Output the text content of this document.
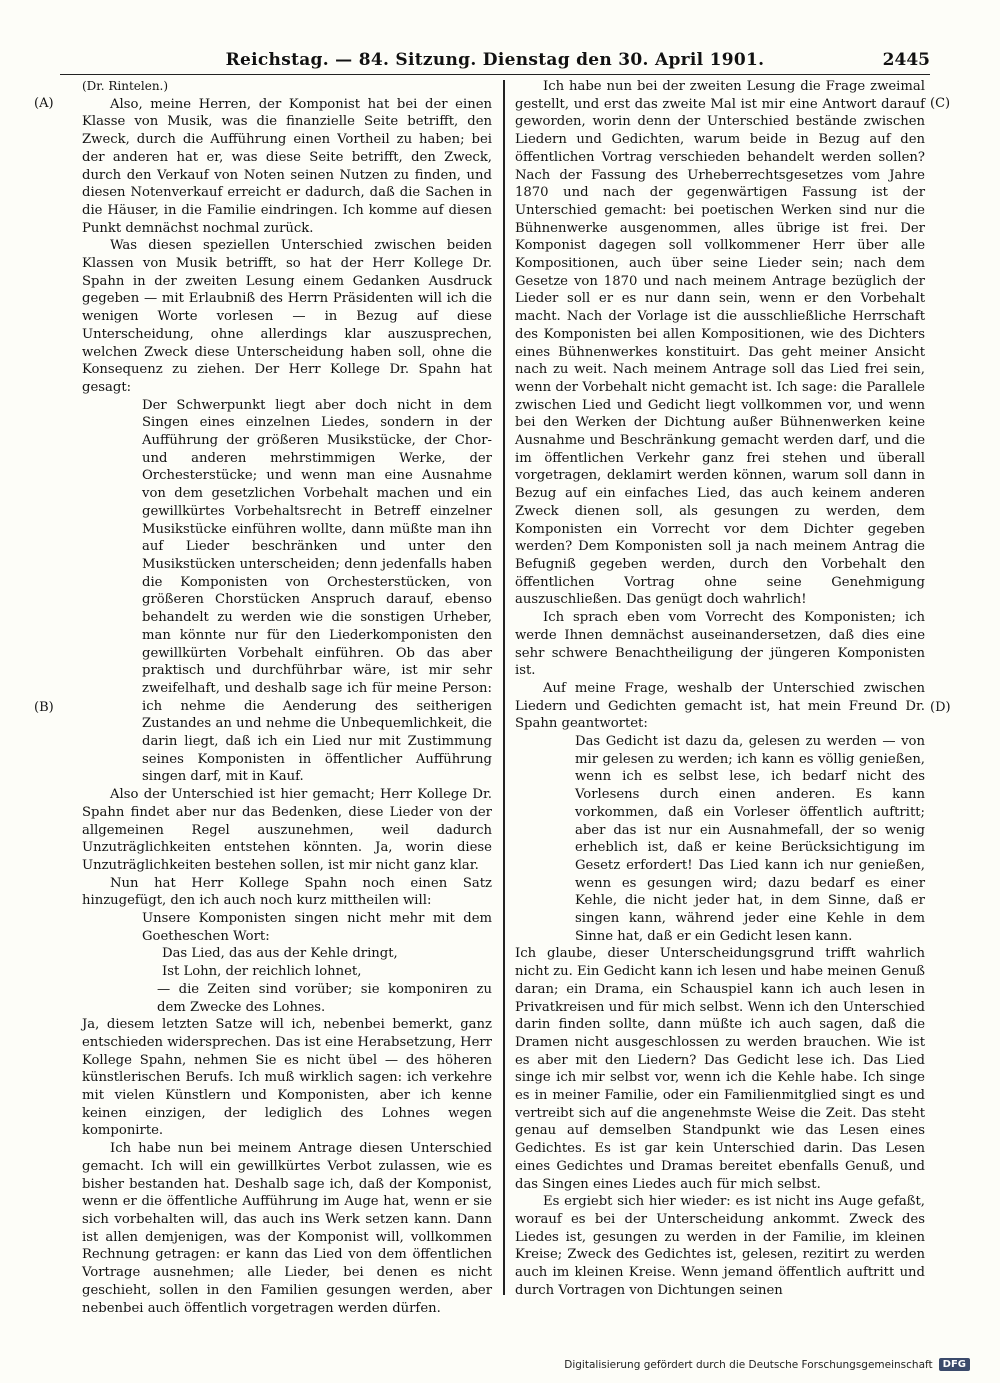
Reichstag. — 84. Sitzung. Dienstag den 30. April 1901.	2445
(A)
(B)
(C)
(D)

(Dr. Rintelen.)

Also, meine Herren, der Komponist hat bei der einen Klasse von Musik, was die finanzielle Seite betrifft, den Zweck, durch die Aufführung einen Vortheil zu haben; bei der anderen hat er, was diese Seite betrifft, den Zweck, durch den Verkauf von Noten seinen Nutzen zu finden, und diesen Notenverkauf erreicht er dadurch, daß die Sachen in die Häuser, in die Familie eindringen. Ich komme auf diesen Punkt demnächst nochmal zurück.

Was diesen speziellen Unterschied zwischen beiden Klassen von Musik betrifft, so hat der Herr Kollege Dr. Spahn in der zweiten Lesung einem Gedanken Ausdruck gegeben — mit Erlaubniß des Herrn Präsidenten will ich die wenigen Worte vorlesen — in Bezug auf diese Unterscheidung, ohne allerdings klar auszusprechen, welchen Zweck diese Unterscheidung haben soll, ohne die Konsequenz zu ziehen. Der Herr Kollege Dr. Spahn hat gesagt:

Der Schwerpunkt liegt aber doch nicht in dem Singen eines einzelnen Liedes, sondern in der Aufführung der größeren Musikstücke, der Chor- und anderen mehrstimmigen Werke, der Orchesterstücke; und wenn man eine Ausnahme von dem gesetzlichen Vorbehalt machen und ein gewillkürtes Vorbehaltsrecht in Betreff einzelner Musikstücke einführen wollte, dann müßte man ihn auf Lieder beschränken und unter den Musikstücken unterscheiden; denn jedenfalls haben die Komponisten von Orchesterstücken, von größeren Chorstücken Anspruch darauf, ebenso behandelt zu werden wie die sonstigen Urheber, man könnte nur für den Liederkomponisten den gewillkürten Vorbehalt einführen. Ob das aber praktisch und durchführbar wäre, ist mir sehr zweifelhaft, und deshalb sage ich für meine Person: ich nehme die Aenderung des seitherigen Zustandes an und nehme die Unbequemlichkeit, die darin liegt, daß ich ein Lied nur mit Zustimmung seines Komponisten in öffentlicher Aufführung singen darf, mit in Kauf.

Also der Unterschied ist hier gemacht; Herr Kollege Dr. Spahn findet aber nur das Bedenken, diese Lieder von der allgemeinen Regel auszunehmen, weil dadurch Unzuträglichkeiten entstehen könnten. Ja, worin diese Unzuträglichkeiten bestehen sollen, ist mir nicht ganz klar.

Nun hat Herr Kollege Spahn noch einen Satz hinzugefügt, den ich auch noch kurz mittheilen will:

Unsere Komponisten singen nicht mehr mit dem Goetheschen Wort:
Das Lied, das aus der Kehle dringt,
Ist Lohn, der reichlich lohnet,
— die Zeiten sind vorüber; sie komponiren zu dem Zwecke des Lohnes.

Ja, diesem letzten Satze will ich, nebenbei bemerkt, ganz entschieden widersprechen. Das ist eine Herabsetzung, Herr Kollege Spahn, nehmen Sie es nicht übel — des höheren künstlerischen Berufs. Ich muß wirklich sagen: ich verkehre mit vielen Künstlern und Komponisten, aber ich kenne keinen einzigen, der lediglich des Lohnes wegen komponirte.

Ich habe nun bei meinem Antrage diesen Unterschied gemacht. Ich will ein gewillkürtes Verbot zulassen, wie es bisher bestanden hat. Deshalb sage ich, daß der Komponist, wenn er die öffentliche Aufführung im Auge hat, wenn er sie sich vorbehalten will, das auch ins Werk setzen kann. Dann ist allen demjenigen, was der Komponist will, vollkommen Rechnung getragen: er kann das Lied von dem öffentlichen Vortrage ausnehmen; alle Lieder, bei denen es nicht geschieht, sollen in den Familien gesungen werden, aber nebenbei auch öffentlich vorgetragen werden dürfen.

Ich habe nun bei der zweiten Lesung die Frage zweimal gestellt, und erst das zweite Mal ist mir eine Antwort darauf geworden, worin denn der Unterschied bestände zwischen Liedern und Gedichten, warum beide in Bezug auf den öffentlichen Vortrag verschieden behandelt werden sollen? Nach der Fassung des Urheberrechtsgesetzes vom Jahre 1870 und nach der gegenwärtigen Fassung ist der Unterschied gemacht: bei poetischen Werken sind nur die Bühnenwerke ausgenommen, alles übrige ist frei. Der Komponist dagegen soll vollkommener Herr über alle Kompositionen, auch über seine Lieder sein; nach dem Gesetze von 1870 und nach meinem Antrage bezüglich der Lieder soll er es nur dann sein, wenn er den Vorbehalt macht. Nach der Vorlage ist die ausschließliche Herrschaft des Komponisten bei allen Kompositionen, wie des Dichters eines Bühnenwerkes konstituirt. Das geht meiner Ansicht nach zu weit. Nach meinem Antrage soll das Lied frei sein, wenn der Vorbehalt nicht gemacht ist. Ich sage: die Parallele zwischen Lied und Gedicht liegt vollkommen vor, und wenn bei den Werken der Dichtung außer Bühnenwerken keine Ausnahme und Beschränkung gemacht werden darf, und die im öffentlichen Verkehr ganz frei stehen und überall vorgetragen, deklamirt werden können, warum soll dann in Bezug auf ein einfaches Lied, das auch keinem anderen Zweck dienen soll, als gesungen zu werden, dem Komponisten ein Vorrecht vor dem Dichter gegeben werden? Dem Komponisten soll ja nach meinem Antrag die Befugniß gegeben werden, durch den Vorbehalt den öffentlichen Vortrag ohne seine Genehmigung auszuschließen. Das genügt doch wahrlich!

Ich sprach eben vom Vorrecht des Komponisten; ich werde Ihnen demnächst auseinandersetzen, daß dies eine sehr schwere Benachtheiligung der jüngeren Komponisten ist.

Auf meine Frage, weshalb der Unterschied zwischen Liedern und Gedichten gemacht ist, hat mein Freund Dr. Spahn geantwortet:

Das Gedicht ist dazu da, gelesen zu werden — von mir gelesen zu werden; ich kann es völlig genießen, wenn ich es selbst lese, ich bedarf nicht des Vorlesens durch einen anderen. Es kann vorkommen, daß ein Vorleser öffentlich auftritt; aber das ist nur ein Ausnahmefall, der so wenig erheblich ist, daß er keine Berücksichtigung im Gesetz erfordert! Das Lied kann ich nur genießen, wenn es gesungen wird; dazu bedarf es einer Kehle, die nicht jeder hat, in dem Sinne, daß er singen kann, während jeder eine Kehle in dem Sinne hat, daß er ein Gedicht lesen kann.

Ich glaube, dieser Unterscheidungsgrund trifft wahrlich nicht zu. Ein Gedicht kann ich lesen und habe meinen Genuß daran; ein Drama, ein Schauspiel kann ich auch lesen in Privatkreisen und für mich selbst. Wenn ich den Unterschied darin finden sollte, dann müßte ich auch sagen, daß die Dramen nicht ausgeschlossen zu werden brauchen. Wie ist es aber mit den Liedern? Das Gedicht lese ich. Das Lied singe ich mir selbst vor, wenn ich die Kehle habe. Ich singe es in meiner Familie, oder ein Familienmitglied singt es und vertreibt sich auf die angenehmste Weise die Zeit. Das steht genau auf demselben Standpunkt wie das Lesen eines Gedichtes. Es ist gar kein Unterschied darin. Das Lesen eines Gedichtes und Dramas bereitet ebenfalls Genuß, und das Singen eines Liedes auch für mich selbst.

Es ergiebt sich hier wieder: es ist nicht ins Auge gefaßt, worauf es bei der Unterscheidung ankommt. Zweck des Liedes ist, gesungen zu werden in der Familie, im kleinen Kreise; Zweck des Gedichtes ist, gelesen, rezitirt zu werden auch im kleinen Kreise. Wenn jemand öffentlich auftritt und durch Vortragen von Dichtungen seinen

Digitalisierung gefördert durch die Deutsche Forschungsgemeinschaft	DFG
